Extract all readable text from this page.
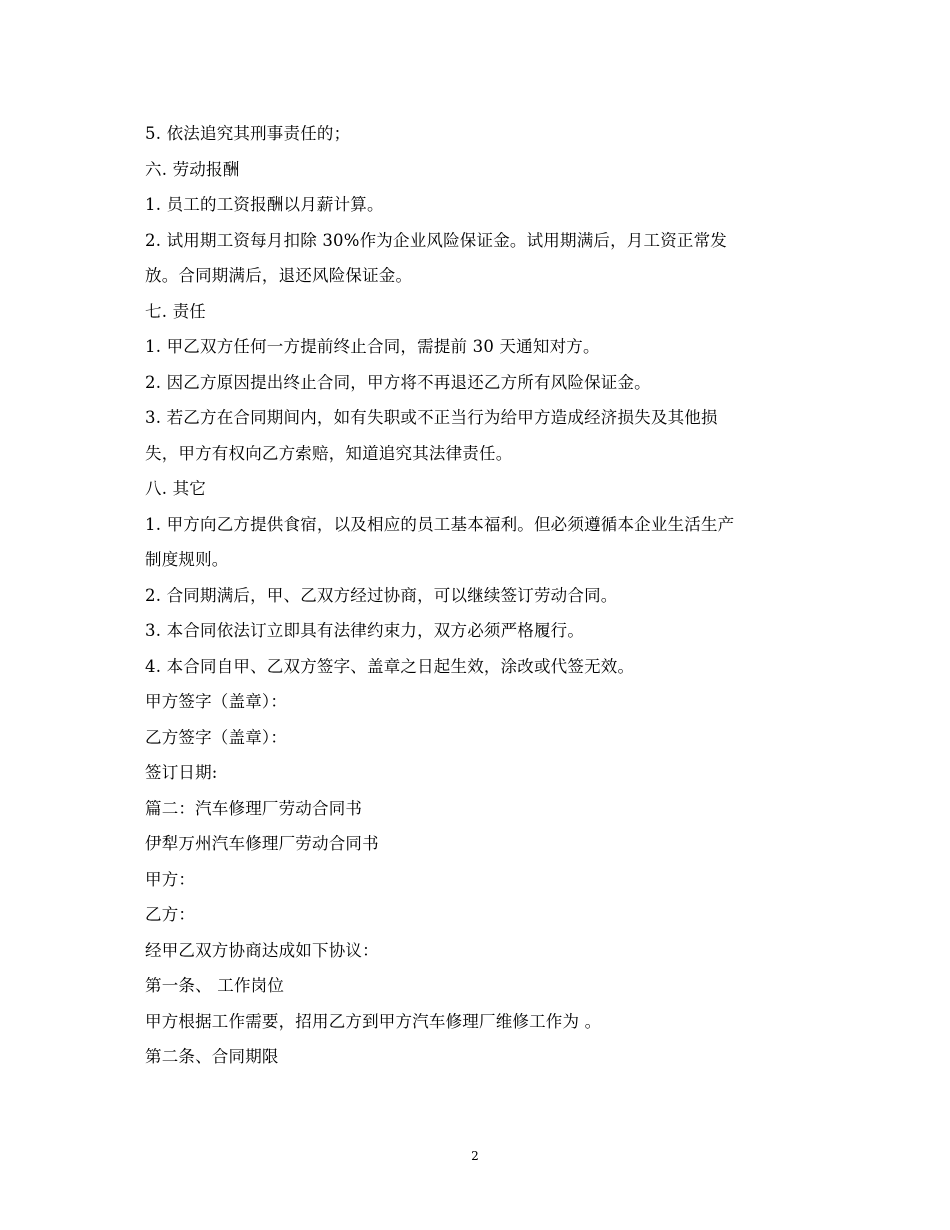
5. 依法追究其刑事责任的；
六. 劳动报酬
1. 员工的工资报酬以月薪计算。
2. 试用期工资每月扣除 30%作为企业风险保证金。试用期满后，月工资正常发
放。合同期满后，退还风险保证金。
七. 责任
1. 甲乙双方任何一方提前终止合同，需提前 30 天通知对方。
2. 因乙方原因提出终止合同，甲方将不再退还乙方所有风险保证金。
3. 若乙方在合同期间内，如有失职或不正当行为给甲方造成经济损失及其他损
失，甲方有权向乙方索赔，知道追究其法律责任。
八. 其它
1. 甲方向乙方提供食宿，以及相应的员工基本福利。但必须遵循本企业生活生产
制度规则。
2. 合同期满后，甲、乙双方经过协商，可以继续签订劳动合同。
3. 本合同依法订立即具有法律约束力，双方必须严格履行。
4. 本合同自甲、乙双方签字、盖章之日起生效，涂改或代签无效。
甲方签字（盖章）：
乙方签字（盖章）：
签订日期:
篇二：汽车修理厂劳动合同书
伊犁万州汽车修理厂劳动合同书
甲方：
乙方：
经甲乙双方协商达成如下协议：
第一条、 工作岗位
甲方根据工作需要，招用乙方到甲方汽车修理厂维修工作为 。
第二条、合同期限
2
